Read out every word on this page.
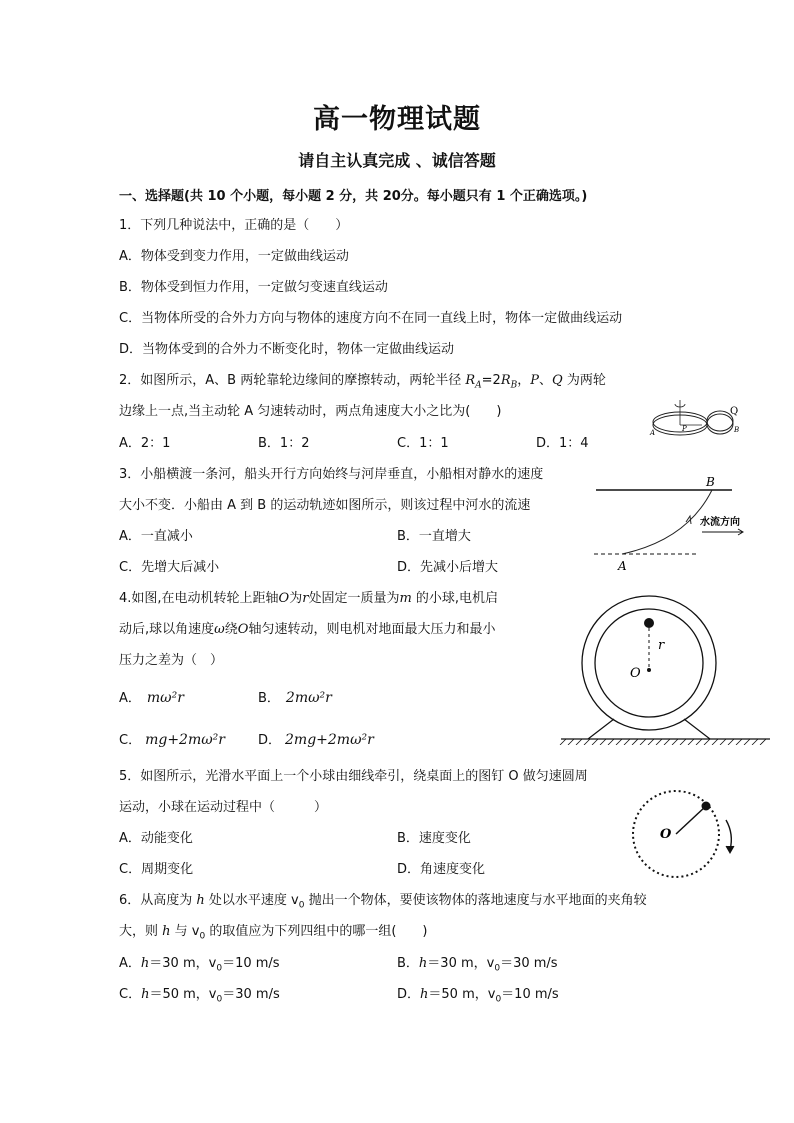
高一物理试题
请自主认真完成 、诚信答题
一、选择题(共 10 个小题，每小题 2 分，共 20分。每小题只有 1 个正确选项。)
1．下列几种说法中，正确的是（　　）
A．物体受到变力作用，一定做曲线运动
B．物体受到恒力作用，一定做匀变速直线运动
C．当物体所受的合外力方向与物体的速度方向不在同一直线上时，物体一定做曲线运动
D．当物体受到的合外力不断变化时，物体一定做曲线运动
2．如图所示，A、B 两轮靠轮边缘间的摩擦转动，两轮半径 $R_A=2R_B$，P、Q 为两轮
边缘上一点,当主动轮 A 匀速转动时，两点角速度大小之比为(　　)
A．2：1	B．1：2	C．1：1	D．1：4
Q
A	P	B
3．小船横渡一条河，船头开行方向始终与河岸垂直，小船相对静水的速度
大小不变．小船由 A 到 B 的运动轨迹如图所示，则该过程中河水的流速
A．一直减小	B．一直增大
C．先增大后减小	D．先减小后增大
B
A
水流方向
4.如图,在电动机转轮上距轴O为r处固定一质量为m 的小球,电机启
动后,球以角速度ω绕O轴匀速转动，则电机对地面最大压力和最小
压力之差为（　）
A． mω²r	B． 2mω²r
C． mg+2mω²r	D． 2mg+2mω²r
r
O
5．如图所示，光滑水平面上一个小球由细线牵引，绕桌面上的图钉 O 做匀速圆周
运动，小球在运动过程中（　　　）
A．动能变化	B．速度变化
C．周期变化	D．角速度变化
O
6．从高度为 h 处以水平速度 $v_0$ 抛出一个物体，要使该物体的落地速度与水平地面的夹角较
大，则 h 与 $v_0$ 的取值应为下列四组中的哪一组(　　)
A．h＝30 m，$v_0=10$ m/s	B．h＝30 m，$v_0=30$ m/s
C．h＝50 m，$v_0=30$ m/s	D．h＝50 m，$v_0=10$ m/s
